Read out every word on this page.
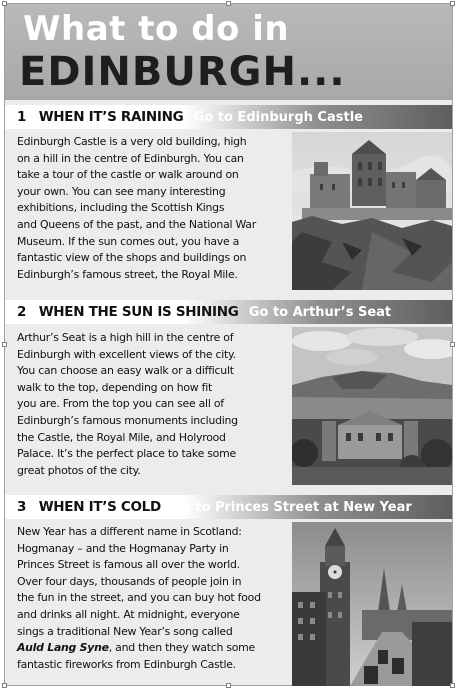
What to do in
EDINBURGH...
1 WHEN IT’S RAINING Go to Edinburgh Castle

Edinburgh Castle is a very old building, high

on a hill in the centre of Edinburgh. You can

take a tour of the castle or walk around on

your own. You can see many interesting

exhibitions, including the Scottish Kings

and Queens of the past, and the National War

Museum. If the sun comes out, you have a

fantastic view of the shops and buildings on

Edinburgh’s famous street, the Royal Mile.

2 WHEN THE SUN IS SHINING Go to Arthur’s Seat

Arthur’s Seat is a high hill in the centre of

Edinburgh with excellent views of the city.

You can choose an easy walk or a difficult

walk to the top, depending on how fit

you are. From the top you can see all of

Edinburgh’s famous monuments including

the Castle, the Royal Mile, and Holyrood

Palace. It’s the perfect place to take some

great photos of the city.

3 WHEN IT’S COLD Go to Princes Street at New Year

New Year has a different name in Scotland:

Hogmanay – and the Hogmanay Party in

Princes Street is famous all over the world.

Over four days, thousands of people join in

the fun in the street, and you can buy hot food

and drinks all night. At midnight, everyone

sings a traditional New Year’s song called

Auld Lang Syne, and then they watch some

fantastic fireworks from Edinburgh Castle.
